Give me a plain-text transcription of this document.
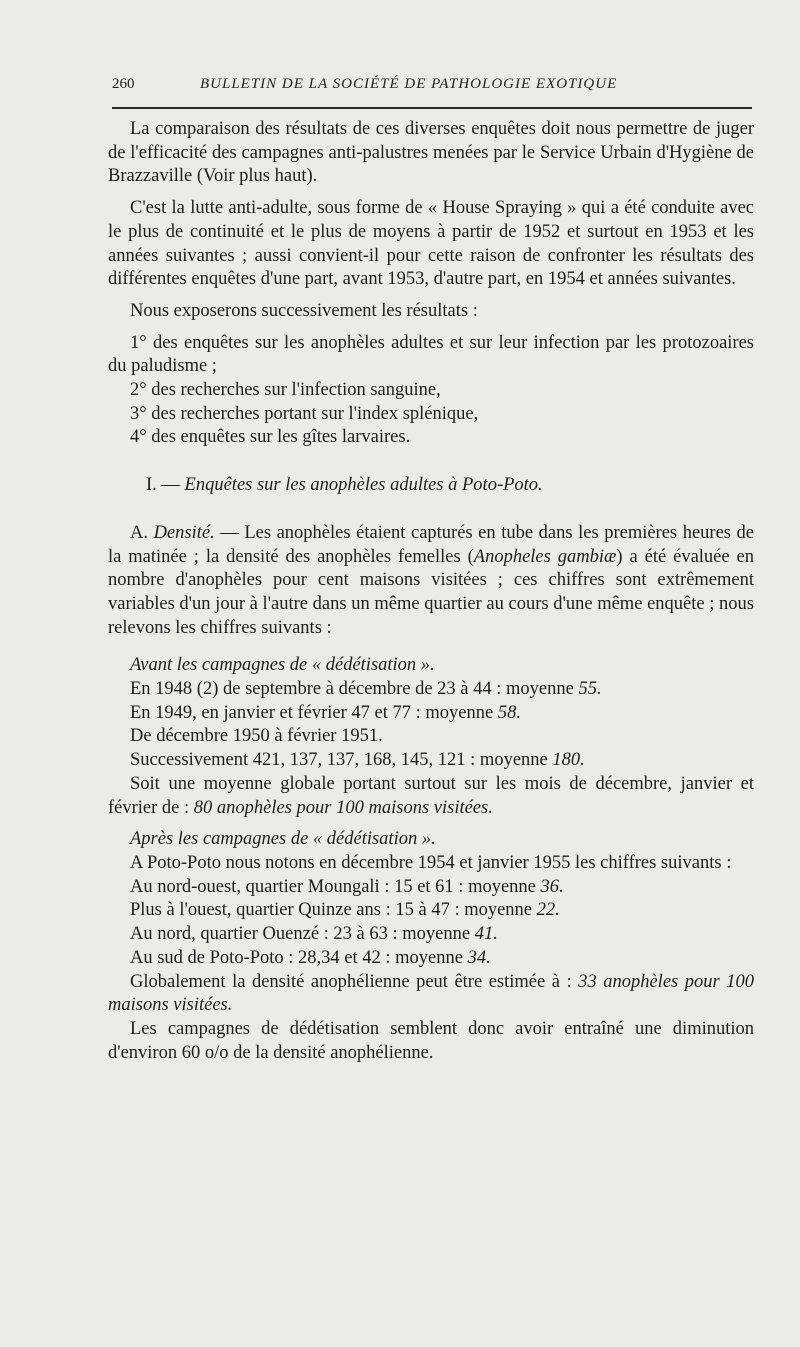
260	BULLETIN DE LA SOCIÉTÉ DE PATHOLOGIE EXOTIQUE

La comparaison des résultats de ces diverses enquêtes doit nous permettre de juger de l'efficacité des campagnes anti-palustres menées par le Service Urbain d'Hygiène de Brazzaville (Voir plus haut).

C'est la lutte anti-adulte, sous forme de « House Spraying » qui a été conduite avec le plus de continuité et le plus de moyens à partir de 1952 et surtout en 1953 et les années suivantes ; aussi convient-il pour cette raison de confronter les résultats des différentes enquêtes d'une part, avant 1953, d'autre part, en 1954 et années suivantes.

Nous exposerons successivement les résultats :

1° des enquêtes sur les anophèles adultes et sur leur infection par les protozoaires du paludisme ;

2° des recherches sur l'infection sanguine,

3° des recherches portant sur l'index splénique,

4° des enquêtes sur les gîtes larvaires.

I. — Enquêtes sur les anophèles adultes à Poto-Poto.

A. Densité. — Les anophèles étaient capturés en tube dans les premières heures de la matinée ; la densité des anophèles femelles (Anopheles gambiæ) a été évaluée en nombre d'anophèles pour cent maisons visitées ; ces chiffres sont extrêmement variables d'un jour à l'autre dans un même quartier au cours d'une même enquête ; nous relevons les chiffres suivants :

Avant les campagnes de « dédétisation ».

En 1948 (2) de septembre à décembre de 23 à 44 : moyenne 55.

En 1949, en janvier et février 47 et 77 : moyenne 58.

De décembre 1950 à février 1951.

Successivement 421, 137, 137, 168, 145, 121 : moyenne 180.

Soit une moyenne globale portant surtout sur les mois de décembre, janvier et février de : 80 anophèles pour 100 maisons visitées.

Après les campagnes de « dédétisation ».

A Poto-Poto nous notons en décembre 1954 et janvier 1955 les chiffres suivants :

Au nord-ouest, quartier Moungali : 15 et 61 : moyenne 36.

Plus à l'ouest, quartier Quinze ans : 15 à 47 : moyenne 22.

Au nord, quartier Ouenzé : 23 à 63 : moyenne 41.

Au sud de Poto-Poto : 28,34 et 42 : moyenne 34.

Globalement la densité anophélienne peut être estimée à : 33 anophèles pour 100 maisons visitées.

Les campagnes de dédétisation semblent donc avoir entraîné une diminution d'environ 60 o/o de la densité anophélienne.
